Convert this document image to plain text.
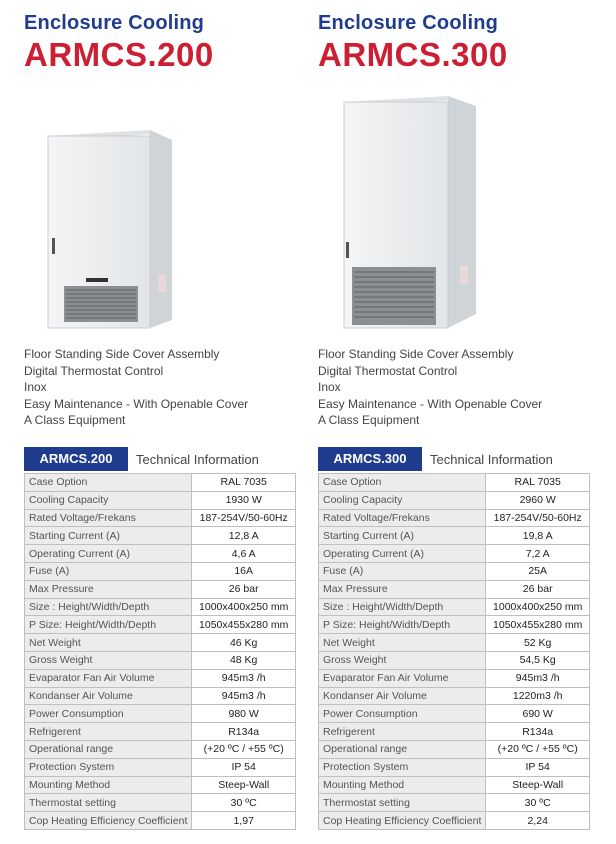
Enclosure Cooling
ARMCS.200
Floor Standing Side Cover Assembly
Digital Thermostat Control
Inox
Easy Maintenance - With Openable Cover
A Class Equipment
ARMCS.200	Technical Information
Case Option	RAL 7035
Cooling Capacity	1930 W
Rated Voltage/Frekans	187-254V/50-60Hz
Starting Current (A)	12,8 A
Operating Current (A)	4,6 A
Fuse (A)	16A
Max Pressure	26 bar
Size : Height/Width/Depth	1000x400x250 mm
P Size: Height/Width/Depth	1050x455x280 mm
Net Weight	46 Kg
Gross Weight	48 Kg
Evaparator Fan Air Volume	945m3 /h
Kondanser Air Volume	945m3 /h
Power Consumption	980 W
Refrigerent	R134a
Operational range	(+20 ºC / +55 ºC)
Protection System	IP 54
Mounting Method	Steep-Wall
Thermostat setting	30 ºC
Cop Heating Efficiency Coefficient	1,97
Enclosure Cooling
ARMCS.300
Floor Standing Side Cover Assembly
Digital Thermostat Control
Inox
Easy Maintenance - With Openable Cover
A Class Equipment
ARMCS.300	Technical Information
Case Option	RAL 7035
Cooling Capacity	2960 W
Rated Voltage/Frekans	187-254V/50-60Hz
Starting Current (A)	19,8 A
Operating Current (A)	7,2 A
Fuse (A)	25A
Max Pressure	26 bar
Size : Height/Width/Depth	1000x400x250 mm
P Size: Height/Width/Depth	1050x455x280 mm
Net Weight	52 Kg
Gross Weight	54,5 Kg
Evaparator Fan Air Volume	945m3 /h
Kondanser Air Volume	1220m3 /h
Power Consumption	690 W
Refrigerent	R134a
Operational range	(+20 ºC / +55 ºC)
Protection System	IP 54
Mounting Method	Steep-Wall
Thermostat setting	30 ºC
Cop Heating Efficiency Coefficient	2,24
